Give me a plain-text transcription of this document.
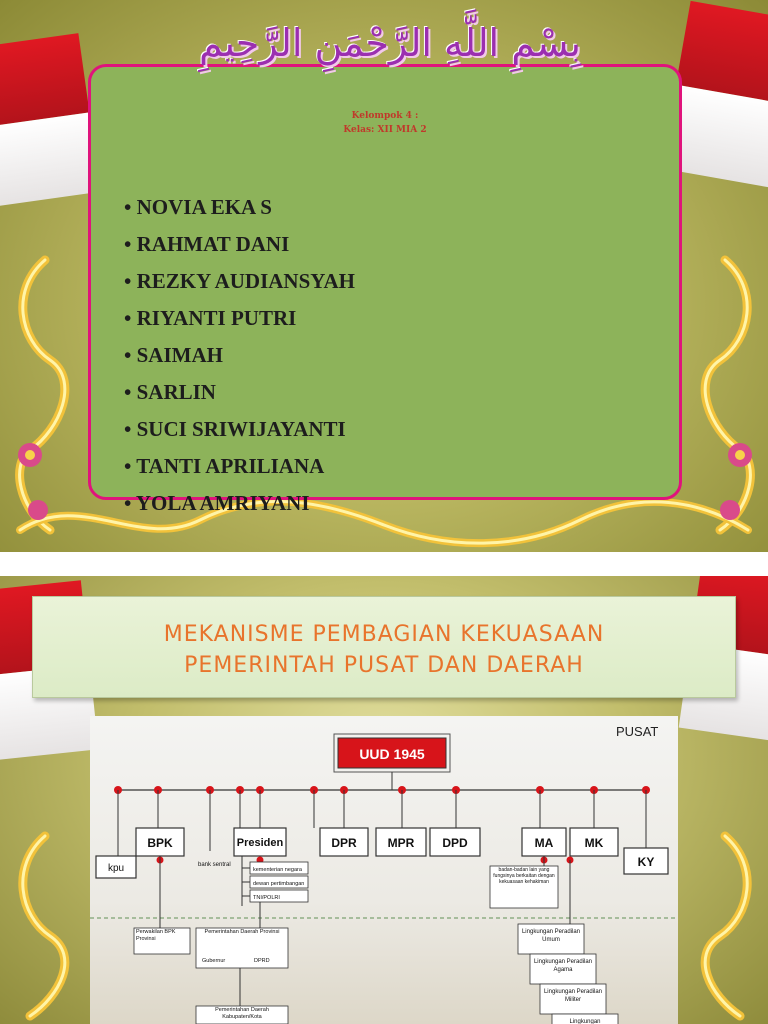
Kelompok 4 :
Kelas: XII MIA 2
بِسْمِ اللَّهِ الرَّحْمَنِ الرَّحِيمِ
• NOVIA EKA S
• RAHMAT DANI
• REZKY AUDIANSYAH
• RIYANTI PUTRI
• SAIMAH
• SARLIN
• SUCI SRIWIJAYANTI
• TANTI APRILIANA
• YOLA AMRIYANI
MEKANISME PEMBAGIAN KEKUASAAN
PEMERINTAH PUSAT DAN DAERAH
PUSAT
UUD 1945
kpu
BPK	Presiden	DPR	MPR DPD	MA	MK
KY
bank sentral
kementerian negara
dewan pertimbangan
TNI/POLRI
badan-badan lain yang fungsinya berkaitan dengan kekuasaan kehakiman
Perwakilan BPK Provinsi
Pemerintahan Daerah Provinsi
Gubernur	DPRD
Pemerintahan Daerah Kabupaten/Kota
Lingkungan Peradilan Umum
Lingkungan Peradilan Agama
Lingkungan Peradilan Militer
Lingkungan
